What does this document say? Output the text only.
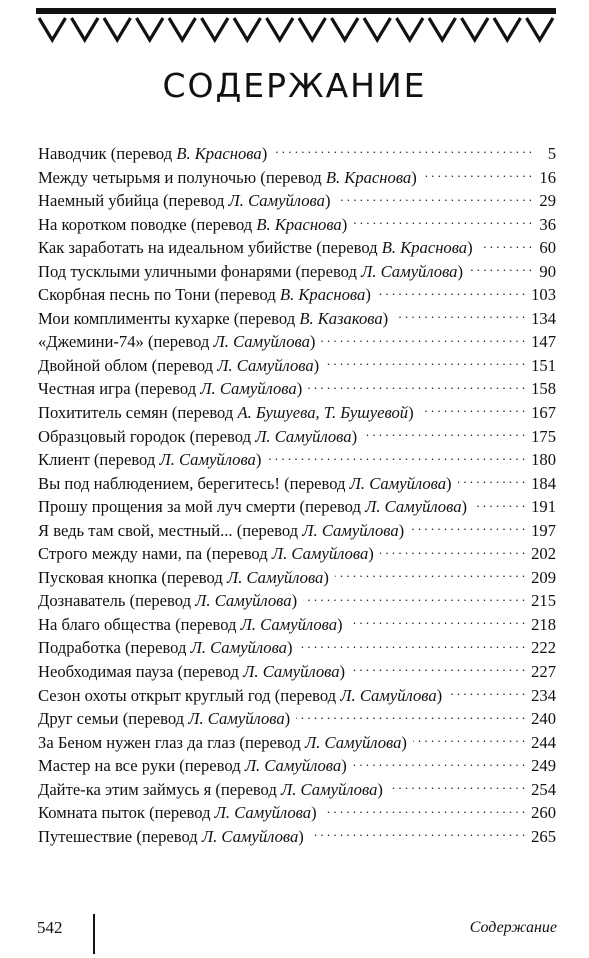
СОДЕРЖАНИЕ
Наводчик (перевод В. Краснова) . . .	5
Между четырьмя и полуночью (перевод В. Краснова) . . .	16
Наемный убийца (перевод Л. Самуйлова) . . .	29
На коротком поводке (перевод В. Краснова) . . .	36
Как заработать на идеальном убийстве (перевод В. Краснова) . . .	60
Под тусклыми уличными фонарями (перевод Л. Самуйлова) . . .	90
Скорбная песнь по Тони (перевод В. Краснова) . . .	103
Мои комплименты кухарке (перевод В. Казакова) . . .	134
«Джемини-74» (перевод Л. Самуйлова) . . .	147
Двойной облом (перевод Л. Самуйлова) . . .	151
Честная игра (перевод Л. Самуйлова) . . .	158
Похититель семян (перевод А. Бушуева, Т. Бушуевой) . . .	167
Образцовый городок (перевод Л. Самуйлова) . . .	175
Клиент (перевод Л. Самуйлова) . . .	180
Вы под наблюдением, берегитесь! (перевод Л. Самуйлова) . . .	184
Прошу прощения за мой луч смерти (перевод Л. Самуйлова) . . .	191
Я ведь там свой, местный... (перевод Л. Самуйлова) . . .	197
Строго между нами, па (перевод Л. Самуйлова) . . .	202
Пусковая кнопка (перевод Л. Самуйлова) . . .	209
Дознаватель (перевод Л. Самуйлова) . . .	215
На благо общества (перевод Л. Самуйлова) . . .	218
Подработка (перевод Л. Самуйлова) . . .	222
Необходимая пауза (перевод Л. Самуйлова) . . .	227
Сезон охоты открыт круглый год (перевод Л. Самуйлова) . . .	234
Друг семьи (перевод Л. Самуйлова) . . .	240
За Беном нужен глаз да глаз (перевод Л. Самуйлова) . . .	244
Мастер на все руки (перевод Л. Самуйлова) . . .	249
Дайте-ка этим займусь я (перевод Л. Самуйлова) . . .	254
Комната пыток (перевод Л. Самуйлова) . . .	260
Путешествие (перевод Л. Самуйлова) . . .	265
542	Содержание
